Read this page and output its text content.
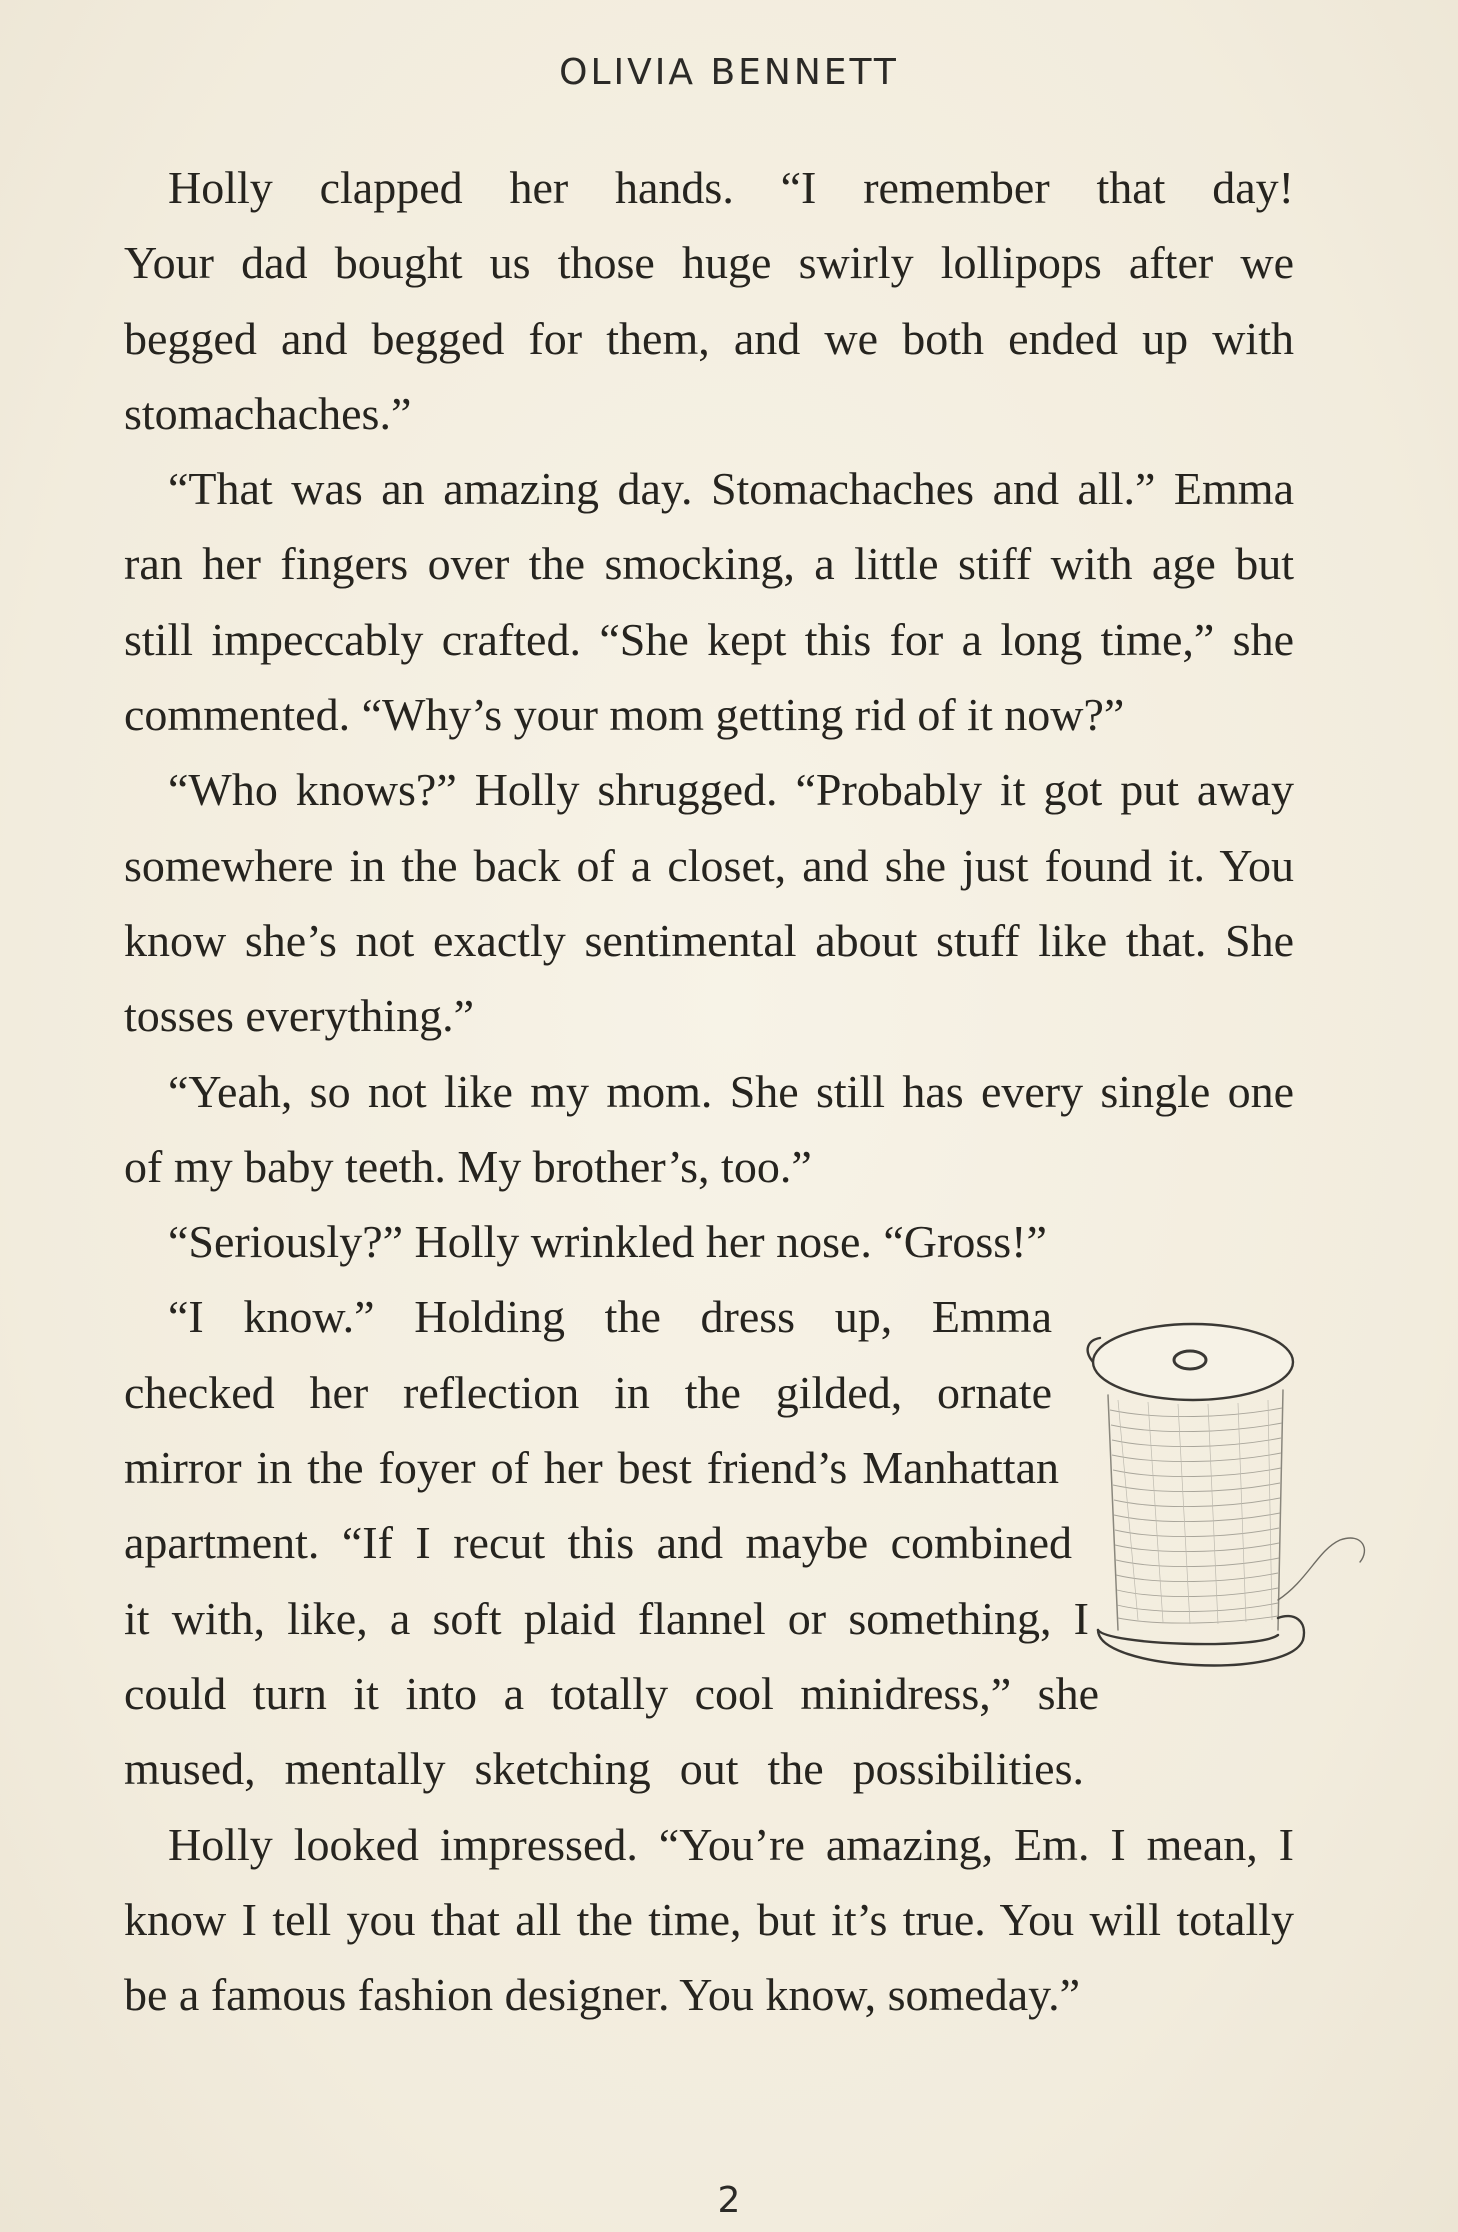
OLIVIA BENNETT
Holly clapped her hands. “I remember that day!
Your dad bought us those huge swirly lollipops after we
begged and begged for them, and we both ended up with
stomachaches.”
“That was an amazing day. Stomachaches and all.” Emma
ran her fingers over the smocking, a little stiff with age but
still impeccably crafted. “She kept this for a long time,” she
commented. “Why’s your mom getting rid of it now?”
“Who knows?” Holly shrugged. “Probably it got put away
somewhere in the back of a closet, and she just found it. You
know she’s not exactly sentimental about stuff like that. She
tosses everything.”
“Yeah, so not like my mom. She still has every single one
of my baby teeth. My brother’s, too.”
“Seriously?” Holly wrinkled her nose. “Gross!”
“I know.” Holding the dress up, Emma
checked her reflection in the gilded, ornate
mirror in the foyer of her best friend’s Manhattan
apartment. “If I recut this and maybe combined
it with, like, a soft plaid flannel or something, I
could turn it into a totally cool minidress,” she
mused, mentally sketching out the possibilities.
Holly looked impressed. “You’re amazing, Em. I mean, I
know I tell you that all the time, but it’s true. You will totally
be a famous fashion designer. You know, someday.”
2
